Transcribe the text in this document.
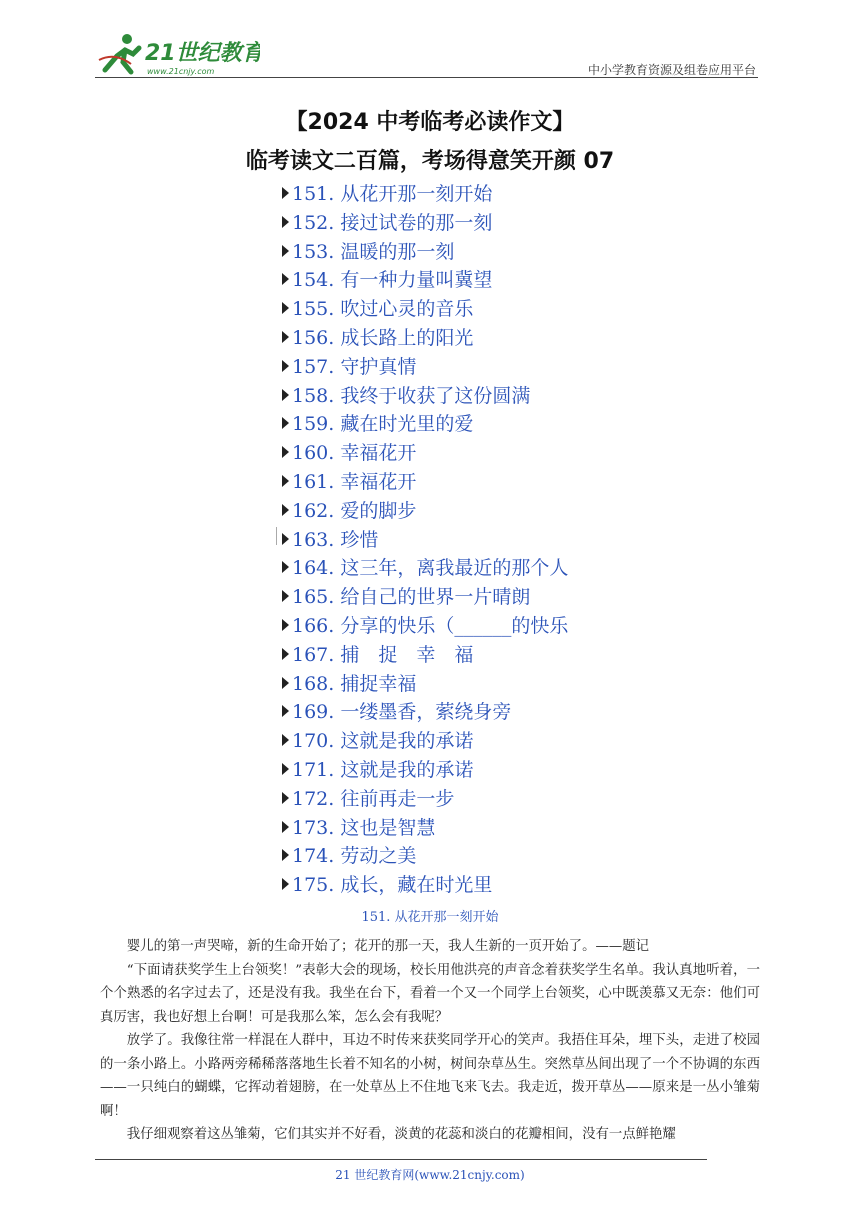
21世纪教育
www.21cnjy.com	中小学教育资源及组卷应用平台
【2024 中考临考必读作文】
临考读文二百篇，考场得意笑开颜 07
151. 从花开那一刻开始
152. 接过试卷的那一刻
153. 温暖的那一刻
154. 有一种力量叫冀望
155. 吹过心灵的音乐
156. 成长路上的阳光
157. 守护真情
158. 我终于收获了这份圆满
159. 藏在时光里的爱
160. 幸福花开
161. 幸福花开
162. 爱的脚步
163. 珍惜
164. 这三年，离我最近的那个人
165. 给自己的世界一片晴朗
166. 分享的快乐（______的快乐
167. 捕　捉　幸　福
168. 捕捉幸福
169. 一缕墨香，萦绕身旁
170. 这就是我的承诺
171. 这就是我的承诺
172. 往前再走一步
173. 这也是智慧
174. 劳动之美
175. 成长，藏在时光里
151. 从花开那一刻开始

婴儿的第一声哭啼，新的生命开始了；花开的那一天，我人生新的一页开始了。——题记

“下面请获奖学生上台领奖！”表彰大会的现场，校长用他洪亮的声音念着获奖学生名单。我认真地听着，一个个熟悉的名字过去了，还是没有我。我坐在台下，看着一个又一个同学上台领奖，心中既羡慕又无奈：他们可真厉害，我也好想上台啊！可是我那么笨，怎么会有我呢？

放学了。我像往常一样混在人群中，耳边不时传来获奖同学开心的笑声。我捂住耳朵，埋下头，走进了校园的一条小路上。小路两旁稀稀落落地生长着不知名的小树，树间杂草丛生。突然草丛间出现了一个不协调的东西——一只纯白的蝴蝶，它挥动着翅膀，在一处草丛上不住地飞来飞去。我走近，拨开草丛——原来是一丛小雏菊啊！

我仔细观察着这丛雏菊，它们其实并不好看，淡黄的花蕊和淡白的花瓣相间，没有一点鲜艳耀

21 世纪教育网(www.21cnjy.com)
